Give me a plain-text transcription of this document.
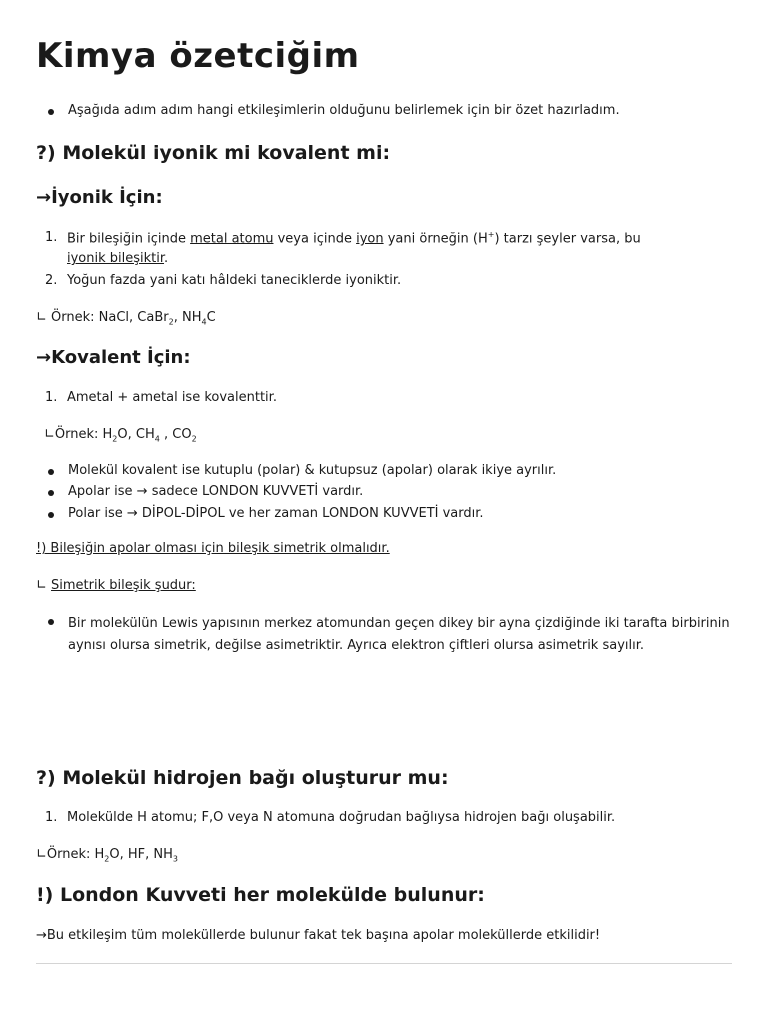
Kimya özetciğim
Aşağıda adım adım hangi etkileşimlerin olduğunu belirlemek için bir özet hazırladım.
?) Molekül iyonik mi kovalent mi:
→İyonik İçin:
1. Bir bileşiğin içinde metal atomu veya içinde iyon yani örneğin (H+) tarzı şeyler varsa, bu
iyonik bileşiktir.
2. Yoğun fazda yani katı hâldeki taneciklerde iyoniktir.
∟ Örnek: NaCl, CaBr$_2$, $NH_4C$
→Kovalent İçin:
1. Ametal + ametal ise kovalenttir.
∟Örnek: $H_2O$, $CH_4$ , $CO_2$
Molekül kovalent ise kutuplu (polar) & kutupsuz (apolar) olarak ikiye ayrılır.
Apolar ise → sadece LONDON KUVVETİ vardır.
Polar ise → DİPOL-DİPOL ve her zaman LONDON KUVVETİ vardır.
!) Bileşiğin apolar olması için bileşik simetrik olmalıdır.
∟ Simetrik bileşik şudur:
Bir molekülün Lewis yapısının merkez atomundan geçen dikey bir ayna çizdiğinde iki tarafta birbirinin aynısı olursa simetrik, değilse asimetriktir. Ayrıca elektron çiftleri olursa asimetrik sayılır.
?) Molekül hidrojen bağı oluşturur mu:
1. Molekülde H atomu; F,O veya N atomuna doğrudan bağlıysa hidrojen bağı oluşabilir.
∟Örnek: $H_2O$, HF, $NH_3$
!) London Kuvveti her molekülde bulunur:
→Bu etkileşim tüm moleküllerde bulunur fakat tek başına apolar moleküllerde etkilidir!
